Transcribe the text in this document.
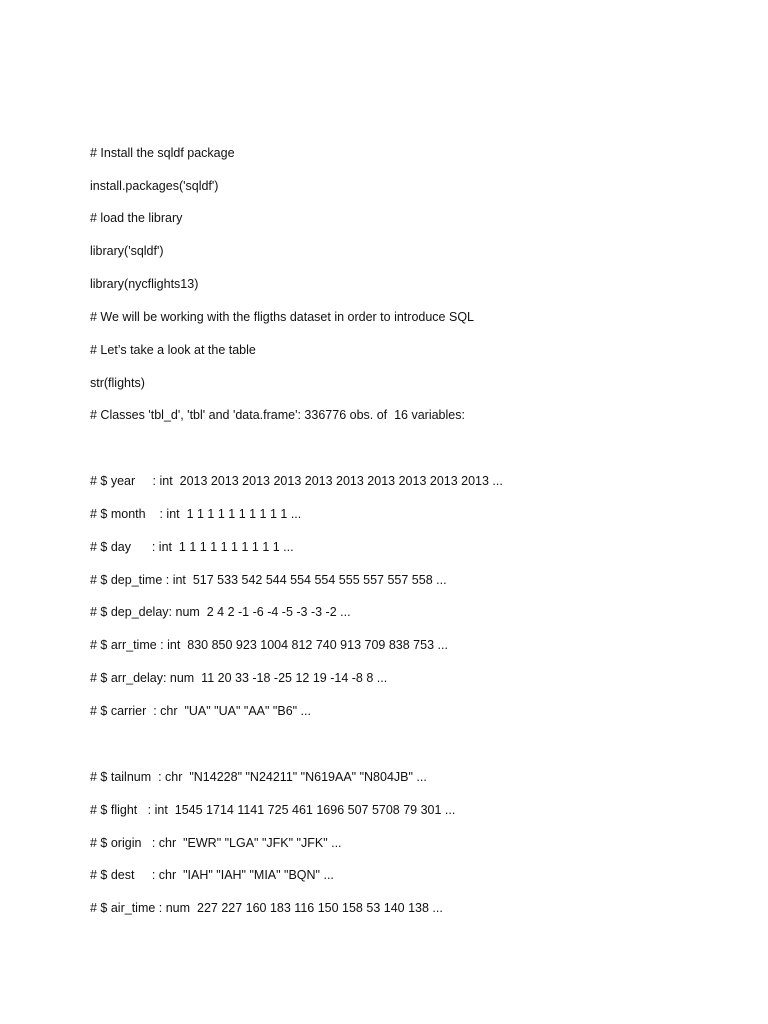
# Install the sqldf package
install.packages('sqldf')
# load the library
library('sqldf')
library(nycflights13)
# We will be working with the fligths dataset in order to introduce SQL
# Let’s take a look at the table
str(flights)
# Classes 'tbl_d', 'tbl' and 'data.frame': 336776 obs. of  16 variables:
# $ year     : int  2013 2013 2013 2013 2013 2013 2013 2013 2013 2013 ...
# $ month    : int  1 1 1 1 1 1 1 1 1 1 ...
# $ day      : int  1 1 1 1 1 1 1 1 1 1 ...
# $ dep_time : int  517 533 542 544 554 554 555 557 557 558 ...
# $ dep_delay: num  2 4 2 -1 -6 -4 -5 -3 -3 -2 ...
# $ arr_time : int  830 850 923 1004 812 740 913 709 838 753 ...
# $ arr_delay: num  11 20 33 -18 -25 12 19 -14 -8 8 ...
# $ carrier  : chr  "UA" "UA" "AA" "B6" ...
# $ tailnum  : chr  "N14228" "N24211" "N619AA" "N804JB" ...
# $ flight   : int  1545 1714 1141 725 461 1696 507 5708 79 301 ...
# $ origin   : chr  "EWR" "LGA" "JFK" "JFK" ...
# $ dest     : chr  "IAH" "IAH" "MIA" "BQN" ...
# $ air_time : num  227 227 160 183 116 150 158 53 140 138 ...
